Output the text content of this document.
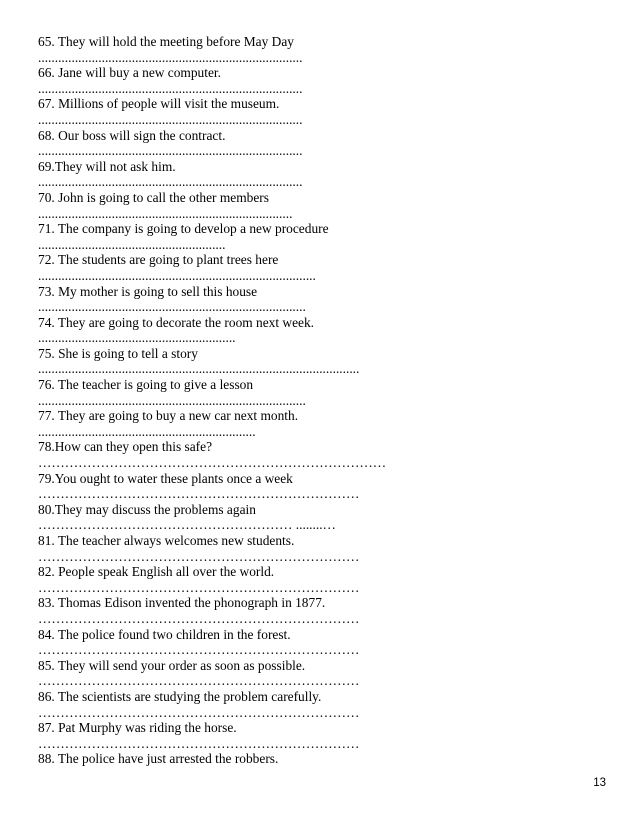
65. They will hold the meeting before May Day
...............................................................................
66. Jane will buy a new computer.
...............................................................................
67. Millions of people will visit the museum.
...............................................................................
68. Our boss will sign the contract.
...............................................................................
69.They will not ask him.
...............................................................................
70. John is going to call the other members
............................................................................
71. The company is going to develop a new procedure
........................................................
72. The students are going to plant trees here
...................................................................................
73. My mother is going to sell this house
................................................................................
74. They are going to decorate the room next week.
...........................................................
75. She is going to tell a story
................................................................................................
76. The teacher is going to give a lesson
................................................................................
77. They are going to buy a new car next month.
.................................................................
78.How can they open this safe?
……………………………………………………………………
79.You ought to water these plants once a week
………………………………………………………………
80.They may discuss the problems again
………………………………………………… ........…
81. The teacher always welcomes new students.
………………………………………………………………
82. People speak English all over the world.
………………………………………………………………
83. Thomas Edison invented the phonograph in 1877.
………………………………………………………………
84. The police found two children in the forest.
………………………………………………………………
85. They will send your order as soon as possible.
………………………………………………………………
86. The scientists are studying the problem carefully.
………………………………………………………………
87. Pat Murphy was riding the horse.
………………………………………………………………
88. The police have just arrested the robbers.
13
